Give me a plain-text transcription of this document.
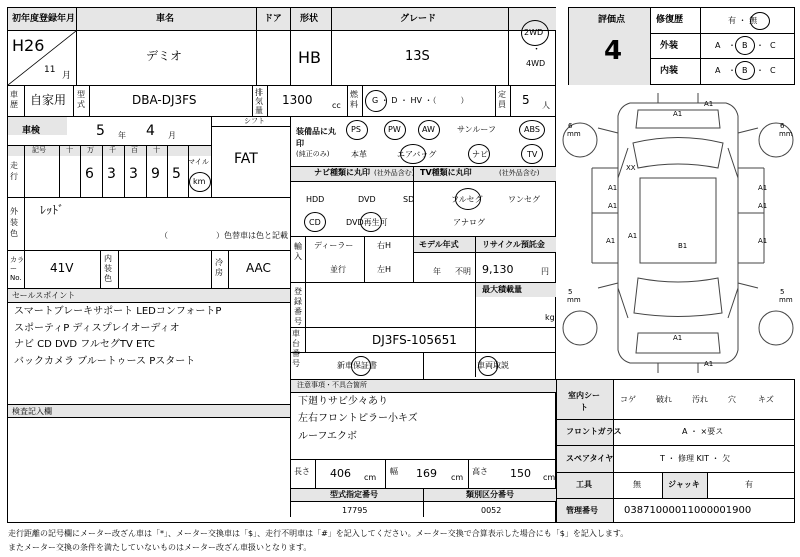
初年度登録年月	車名	ドア 形状	グレード
H26
11
月
デミオ	HB	13S
2WD
・
4WD
車歴 自家用 型式	DBA-DJ3FS
排気量
1300 cc
燃料 G ・ D ・ HV ・（　　　）
定員 5 人
車検	5 年 4 月
シフト
FAT
走行
記号	十 万 千 百 十
マイル
6 3 3 9 5 km
外装色
ﾚｯﾄﾞ
（　　　　　　）色替車は色と記載
カラーNo.
41V
内装色
冷房 AAC
セールスポイント
スマートブレーキサポート LEDコンフォートP
スポーティP ディスプレイオーディオ
ナビ CD DVD フルセグTV ETC
バックカメラ ブルートゥース Pスタート
検査記入欄
装備品に丸印
(純正のみ)
PS	PW	AW	サンルーフ	ABS
本革	エアバッグ	ナビ	TV
ナビ種類に丸印 (社外品含む)
HDD	DVD	SD
CD	DVD再生可
TV種類に丸印	(社外品含む)
フルセグ	ワンセグ
アナログ
輸入
ディーラー
並行
右H
左H
モデル年式
年 不明
リサイクル預託金
9,130	円
登録番号
最大積載量
kg
車台番号
DJ3FS-105651
新車保証書	車両取説
注意事項・不具合箇所
下廻りサビ少々あり
左右フロントピラー小キズ
ルーフエクボ
長さ 406 cm
幅 169 cm
高さ 150 cm
型式指定番号
17795
類別区分番号
0052
評価点
4
修復歴	有 ・ 無
外装	A ・ B ・ C
内装	A ・ B ・ C
6
mm
6
mm
5
mm
5
mm
A1
A1
XX
A1	A1
A1	A1
A1
B1
A1	A1
A1
A1
室内シート
コゲ	破れ	汚れ	穴	キズ
フロントガラス	A ・ ×要ス
スペアタイヤ	T ・ 修理 KIT ・ 欠
工具	無	ジャッキ	有
管理番号	03871000011000001900
走行距離の記号欄にメーター改ざん車は「*」、メーター交換車は「$」、走行不明車は「#」を記入してください。メーター交換で合算表示した場合にも「$」を記入します。
またメーター交換の条件を満たしていないものはメーター改ざん車扱いとなります。
